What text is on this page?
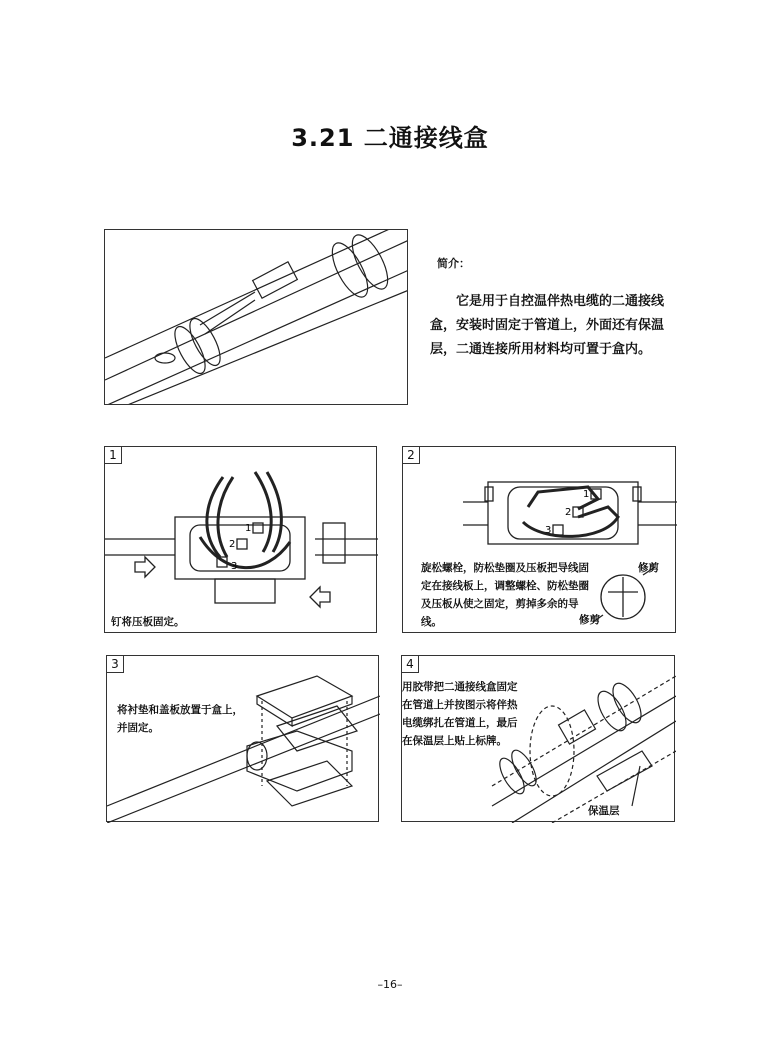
3.21 二通接线盒
简介：
　　它是用于自控温伴热电缆的二通接线盒，安装时固定于管道上，外面还有保温层，二通连接所用材料均可置于盒内。
1
2
3
1
钉将压板固定。
1
2
3
2
旋松螺栓，防松垫圈及压板把导线固定在接线板上，调整螺栓、防松垫圈及压板从使之固定，剪掉多余的导线。
修剪
修剪
3
将衬垫和盖板放置于盒上，并固定。
4
用胶带把二通接线盒固定在管道上并按图示将伴热电缆绑扎在管道上，最后在保温层上贴上标牌。
保温层
–16–
